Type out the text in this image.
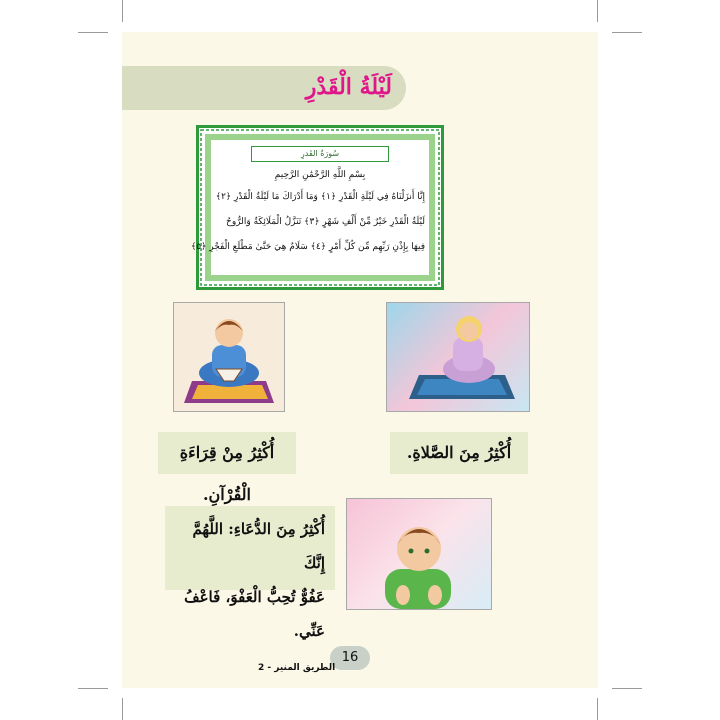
لَيْلَةُ الْقَدْرِ
سُورَةُ القَدرِ
بِسْمِ اللَّهِ الرَّحْمَٰنِ الرَّحِيمِ
إِنَّا أَنزَلْنَاهُ فِي لَيْلَةِ الْقَدْرِ ﴿١﴾ وَمَا أَدْرَاكَ مَا لَيْلَةُ الْقَدْرِ ﴿٢﴾
لَيْلَةُ الْقَدْرِ خَيْرٌ مِّنْ أَلْفِ شَهْرٍ ﴿٣﴾ تَنَزَّلُ الْمَلَائِكَةُ وَالرُّوحُ
فِيهَا بِإِذْنِ رَبِّهِم مِّن كُلِّ أَمْرٍ ﴿٤﴾ سَلَامٌ هِيَ حَتَّىٰ مَطْلَعِ الْفَجْرِ ﴿٥﴾
أُكْثِرُ مِنْ قِرَاءَةِ الْقُرْآنِ.
أُكْثِرُ مِنَ الصَّلاةِ.
أُكْثِرُ مِنَ الدُّعَاءِ: اللَّهُمَّ إِنَّكَ
عَفُوٌّ تُحِبُّ الْعَفْوَ، فَاعْفُ عَنِّي.
16
الطريق المنير - 2
